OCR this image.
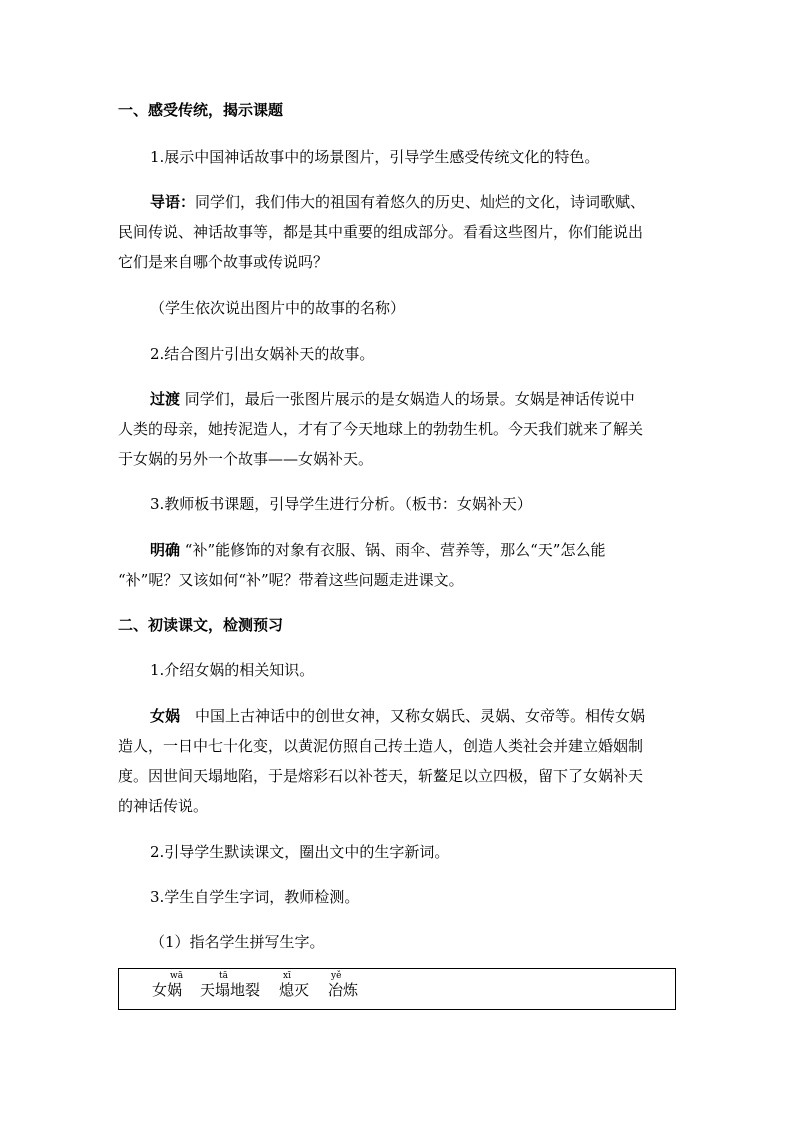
一、感受传统，揭示课题
1.展示中国神话故事中的场景图片，引导学生感受传统文化的特色。
导语：同学们，我们伟大的祖国有着悠久的历史、灿烂的文化，诗词歌赋、
民间传说、神话故事等，都是其中重要的组成部分。看看这些图片，你们能说出
它们是来自哪个故事或传说吗？
（学生依次说出图片中的故事的名称）
2.结合图片引出女娲补天的故事。
过渡 同学们，最后一张图片展示的是女娲造人的场景。女娲是神话传说中
人类的母亲，她抟泥造人，才有了今天地球上的勃勃生机。今天我们就来了解关
于女娲的另外一个故事——女娲补天。
3.教师板书课题，引导学生进行分析。（板书：女娲补天）
明确 “补”能修饰的对象有衣服、锅、雨伞、营养等，那么“天”怎么能
“补”呢？又该如何“补”呢？带着这些问题走进课文。
二、初读课文，检测预习
1.介绍女娲的相关知识。
女娲　中国上古神话中的创世女神，又称女娲氏、灵娲、女帝等。相传女娲
造人，一日中七十化变，以黄泥仿照自己抟土造人，创造人类社会并建立婚姻制
度。因世间天塌地陷，于是熔彩石以补苍天，斩鳌足以立四极，留下了女娲补天
的神话传说。
2.引导学生默读课文，圈出文中的生字新词。
3.学生自学生字词，教师检测。
（1）指名学生拼写生字。
wā
女娲
tā
天塌地裂
xī
熄灭
yě
冶炼
